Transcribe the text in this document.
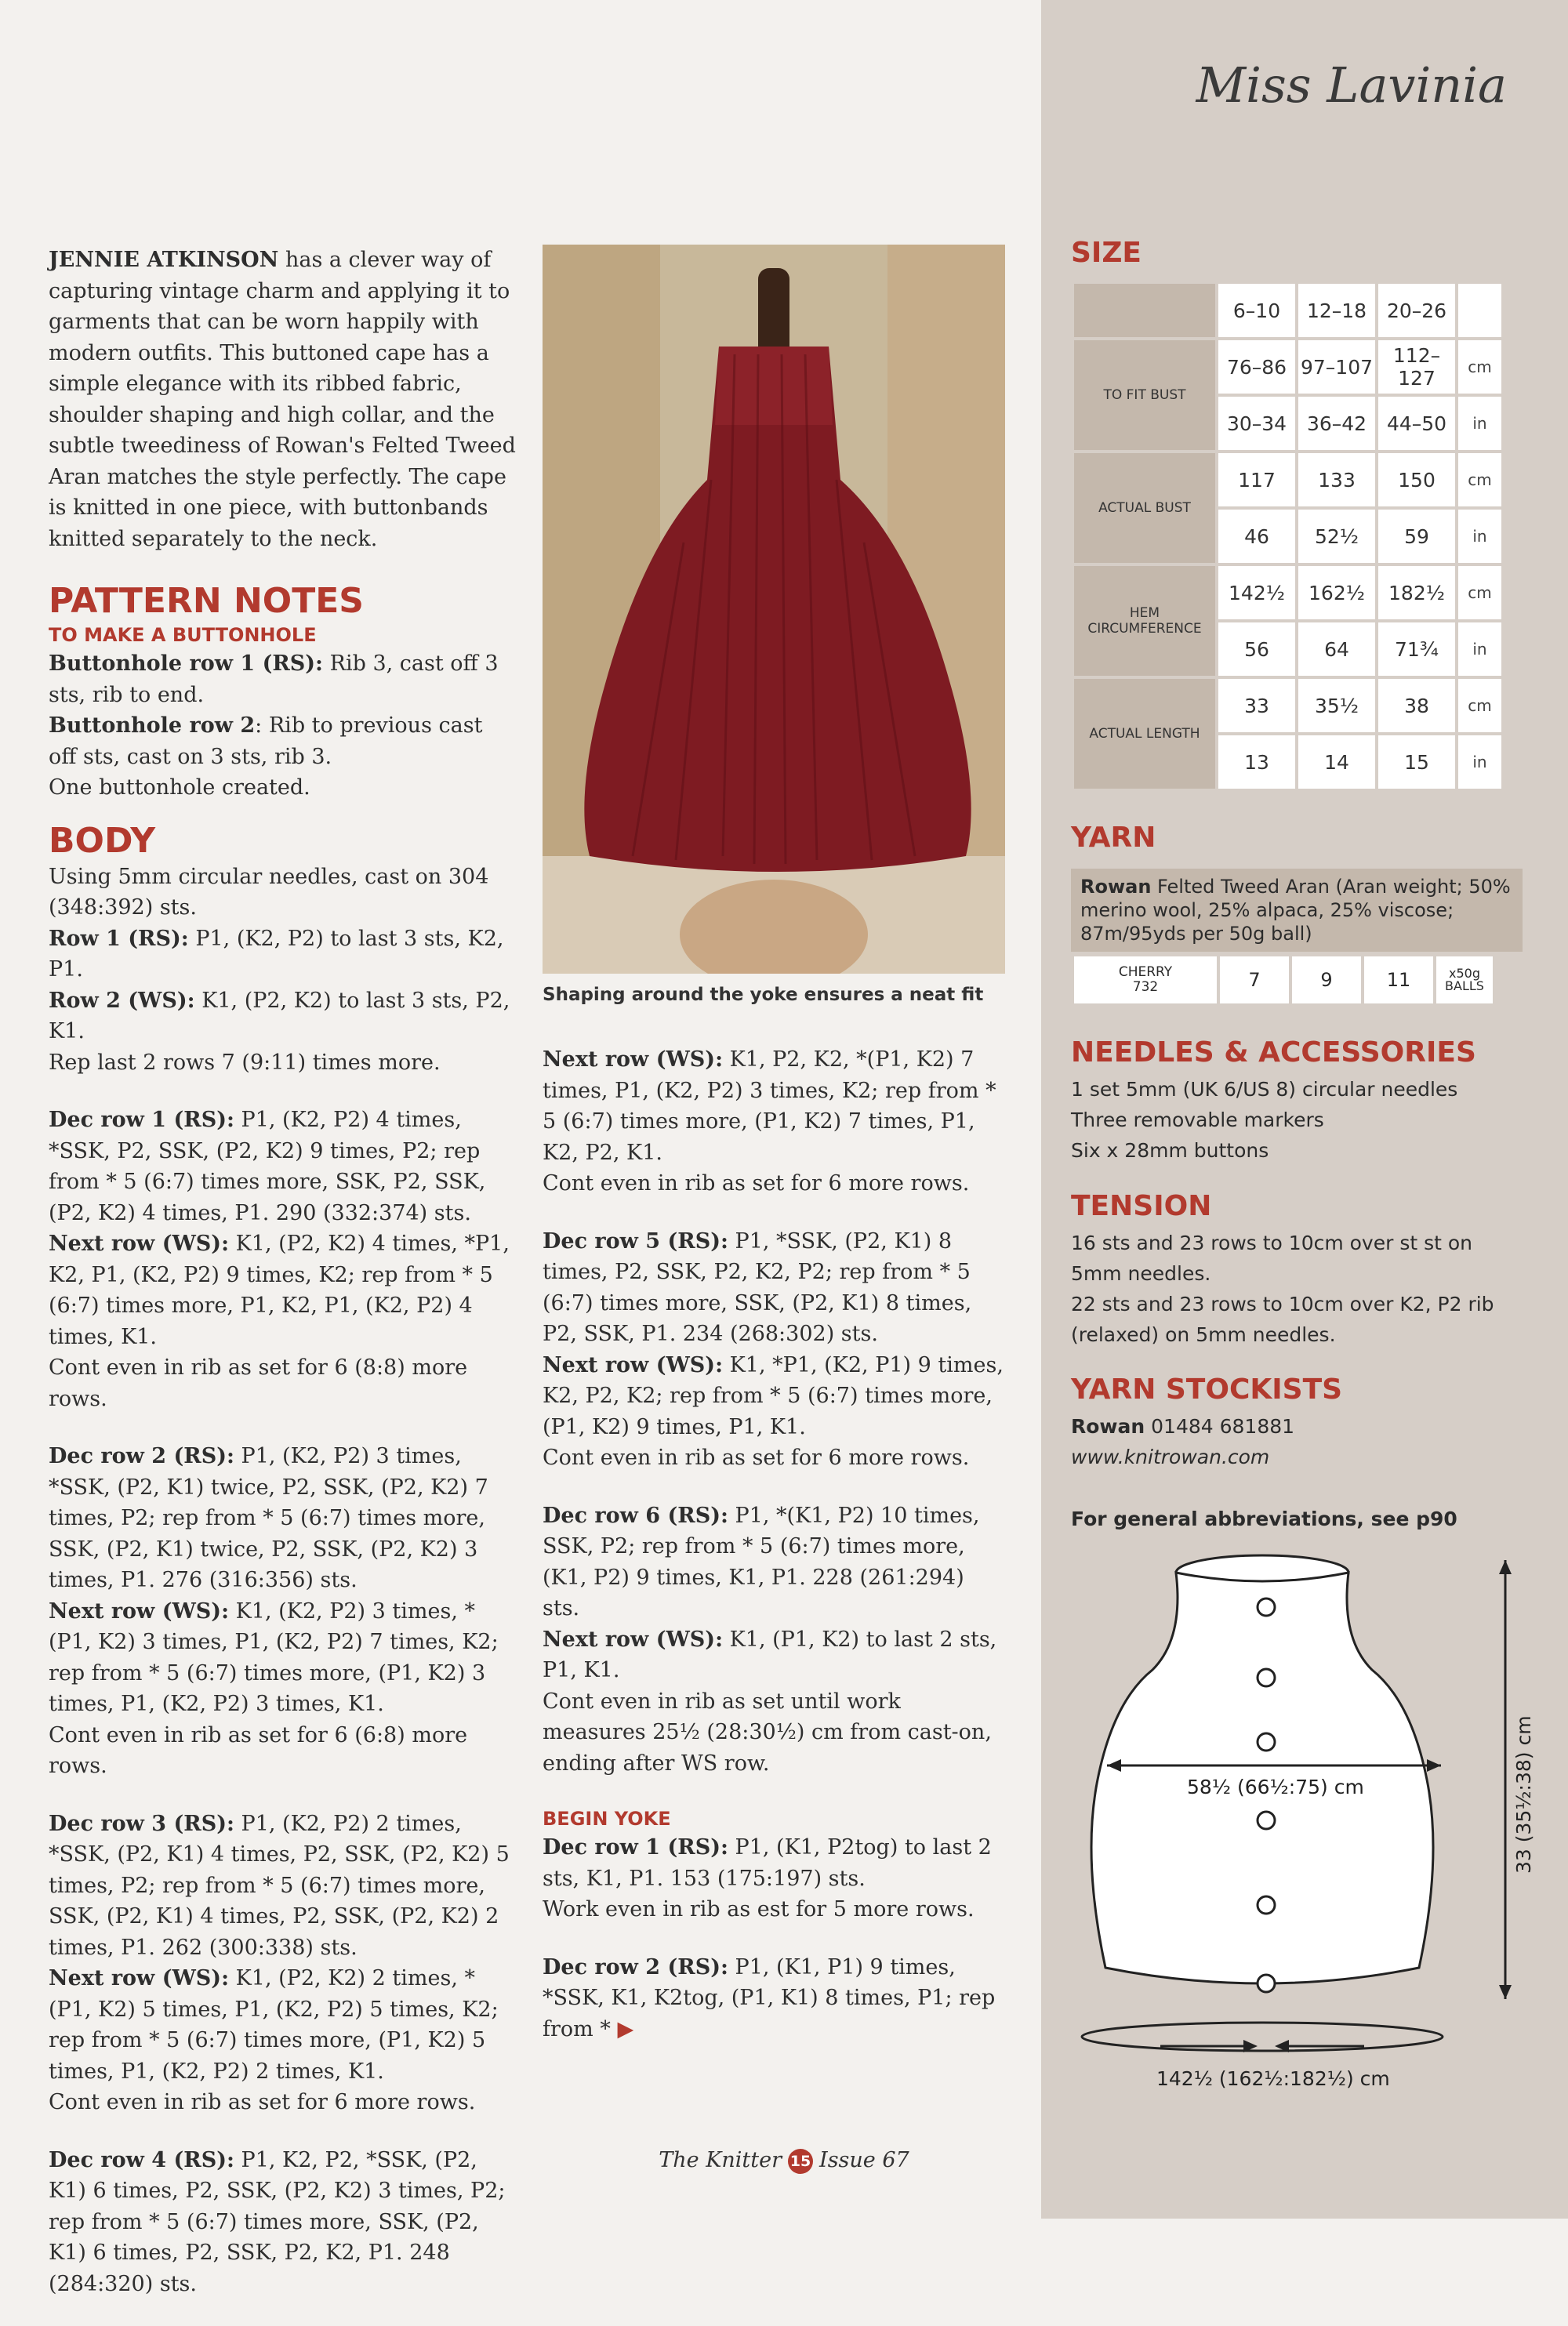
Miss Lavinia

JENNIE ATKINSON has a clever way of capturing vintage charm and applying it to garments that can be worn happily with modern outfits. This buttoned cape has a simple elegance with its ribbed fabric, shoulder shaping and high collar, and the subtle tweediness of Rowan's Felted Tweed Aran matches the style perfectly. The cape is knitted in one piece, with buttonbands knitted separately to the neck.

PATTERN NOTES
TO MAKE A BUTTONHOLE
Buttonhole row 1 (RS): Rib 3, cast off 3 sts, rib to end.
Buttonhole row 2: Rib to previous cast off sts, cast on 3 sts, rib 3.
One buttonhole created.
BODY
Using 5mm circular needles, cast on 304 (348:392) sts.
Row 1 (RS): P1, (K2, P2) to last 3 sts, K2, P1.
Row 2 (WS): K1, (P2, K2) to last 3 sts, P2, K1.

Rep last 2 rows 7 (9:11) times more.

Dec row 1 (RS): P1, (K2, P2) 4 times, *SSK, P2, SSK, (P2, K2) 9 times, P2; rep from * 5 (6:7) times more, SSK, P2, SSK, (P2, K2) 4 times, P1. 290 (332:374) sts.
Next row (WS): K1, (P2, K2) 4 times, *P1, K2, P1, (K2, P2) 9 times, K2; rep from * 5 (6:7) times more, P1, K2, P1, (K2, P2) 4 times, K1.
Cont even in rib as set for 6 (8:8) more rows.

Dec row 2 (RS): P1, (K2, P2) 3 times, *SSK, (P2, K1) twice, P2, SSK, (P2, K2) 7 times, P2; rep from * 5 (6:7) times more, SSK, (P2, K1) twice, P2, SSK, (P2, K2) 3 times, P1. 276 (316:356) sts.
Next row (WS): K1, (K2, P2) 3 times, *(P1, K2) 3 times, P1, (K2, P2) 7 times, K2; rep from * 5 (6:7) times more, (P1, K2) 3 times, P1, (K2, P2) 3 times, K1.
Cont even in rib as set for 6 (6:8) more rows.

Dec row 3 (RS): P1, (K2, P2) 2 times, *SSK, (P2, K1) 4 times, P2, SSK, (P2, K2) 5 times, P2; rep from * 5 (6:7) times more, SSK, (P2, K1) 4 times, P2, SSK, (P2, K2) 2 times, P1. 262 (300:338) sts.
Next row (WS): K1, (P2, K2) 2 times, *(P1, K2) 5 times, P1, (K2, P2) 5 times, K2; rep from * 5 (6:7) times more, (P1, K2) 5 times, P1, (K2, P2) 2 times, K1.
Cont even in rib as set for 6 more rows.

Dec row 4 (RS): P1, K2, P2, *SSK, (P2, K1) 6 times, P2, SSK, (P2, K2) 3 times, P2; rep from * 5 (6:7) times more, SSK, (P2, K1) 6 times, P2, SSK, P2, K2, P1. 248 (284:320) sts.

Shaping around the yoke ensures a neat fit

Next row (WS): K1, P2, K2, *(P1, K2) 7 times, P1, (K2, P2) 3 times, K2; rep from * 5 (6:7) times more, (P1, K2) 7 times, P1, K2, P2, K1.
Cont even in rib as set for 6 more rows.

Dec row 5 (RS): P1, *SSK, (P2, K1) 8 times, P2, SSK, P2, K2, P2; rep from * 5 (6:7) times more, SSK, (P2, K1) 8 times, P2, SSK, P1. 234 (268:302) sts.
Next row (WS): K1, *P1, (K2, P1) 9 times, K2, P2, K2; rep from * 5 (6:7) times more, (P1, K2) 9 times, P1, K1.
Cont even in rib as set for 6 more rows.

Dec row 6 (RS): P1, *(K1, P2) 10 times, SSK, P2; rep from * 5 (6:7) times more, (K1, P2) 9 times, K1, P1. 228 (261:294) sts.
Next row (WS): K1, (P1, K2) to last 2 sts, P1, K1.
Cont even in rib as set until work measures 25½ (28:30½) cm from cast-on, ending after WS row.

BEGIN YOKE

Dec row 1 (RS): P1, (K1, P2tog) to last 2 sts, K1, P1. 153 (175:197) sts.
Work even in rib as est for 5 more rows.

Dec row 2 (RS): P1, (K1, P1) 9 times, *SSK, K1, K2tog, (P1, K1) 8 times, P1; rep from * ▶

SIZE
	6–10	12–18	20–26	
TO FIT BUST	76–86	97–107	112–127	cm
	30–34	36–42	44–50	in
ACTUAL BUST	117	133	150	cm
	46	52½	59	in
HEM CIRCUMFERENCE	142½	162½	182½	cm
	56	64	71¾	in
ACTUAL LENGTH	33	35½	38	cm
	13	14	15	in
YARN
Rowan Felted Tweed Aran (Aran weight; 50% merino wool, 25% alpaca, 25% viscose; 87m/95yds per 50g ball)
CHERRY
732	7	9	11	x50g
BALLS
NEEDLES & ACCESSORIES
1 set 5mm (UK 6/US 8) circular needles
Three removable markers
Six x 28mm buttons
TENSION
16 sts and 23 rows to 10cm over st st on 5mm needles.
22 sts and 23 rows to 10cm over K2, P2 rib (relaxed) on 5mm needles.
YARN STOCKISTS
Rowan 01484 681881
www.knitrowan.com
For general abbreviations, see p90
58½ (66½:75) cm	33 (35½:38) cm
142½ (162½:182½) cm
The Knitter 15 Issue 67
